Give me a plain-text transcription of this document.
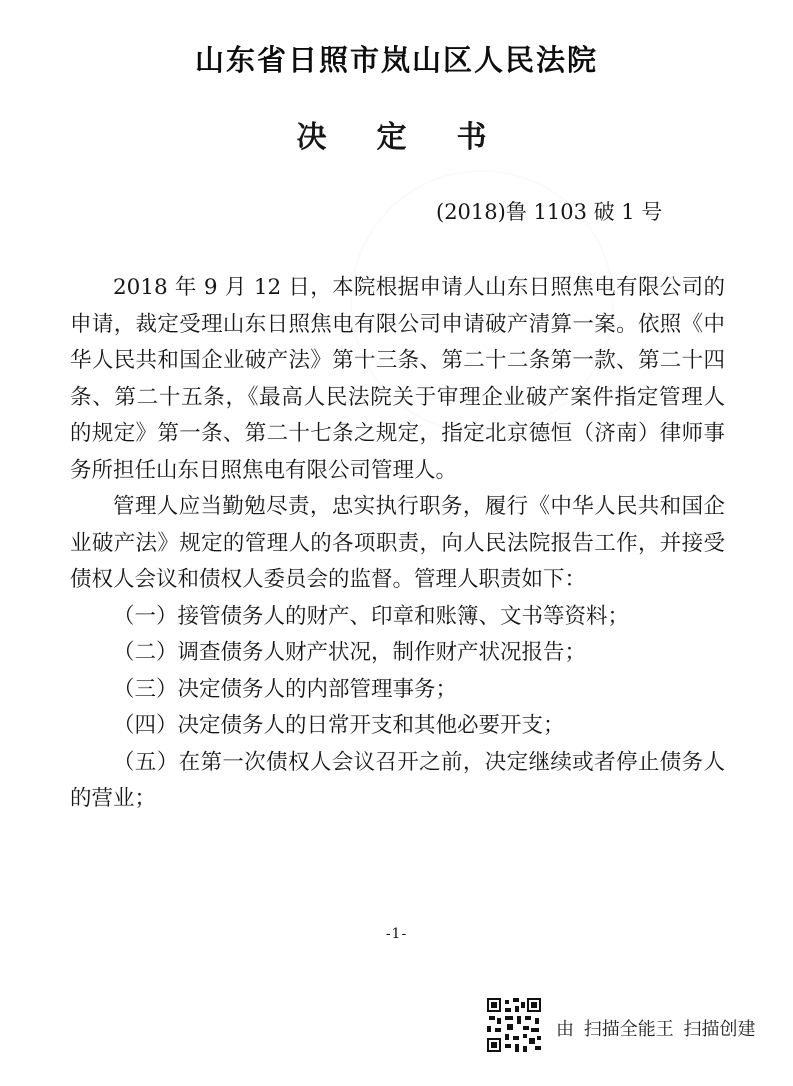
山东省日照市岚山区人民法院
决定书
(2018)鲁 1103 破 1 号

2018 年 9 月 12 日，本院根据申请人山东日照焦电有限公司的申请，裁定受理山东日照焦电有限公司申请破产清算一案。依照《中华人民共和国企业破产法》第十三条、第二十二条第一款、第二十四条、第二十五条，《最高人民法院关于审理企业破产案件指定管理人的规定》第一条、第二十七条之规定，指定北京德恒（济南）律师事务所担任山东日照焦电有限公司管理人。

管理人应当勤勉尽责，忠实执行职务，履行《中华人民共和国企业破产法》规定的管理人的各项职责，向人民法院报告工作，并接受债权人会议和债权人委员会的监督。管理人职责如下：

（一）接管债务人的财产、印章和账簿、文书等资料；

（二）调查债务人财产状况，制作财产状况报告；

（三）决定债务人的内部管理事务；

（四）决定债务人的日常开支和其他必要开支；

（五）在第一次债权人会议召开之前，决定继续或者停止债务人的营业；

-1-
由 扫描全能王 扫描创建
